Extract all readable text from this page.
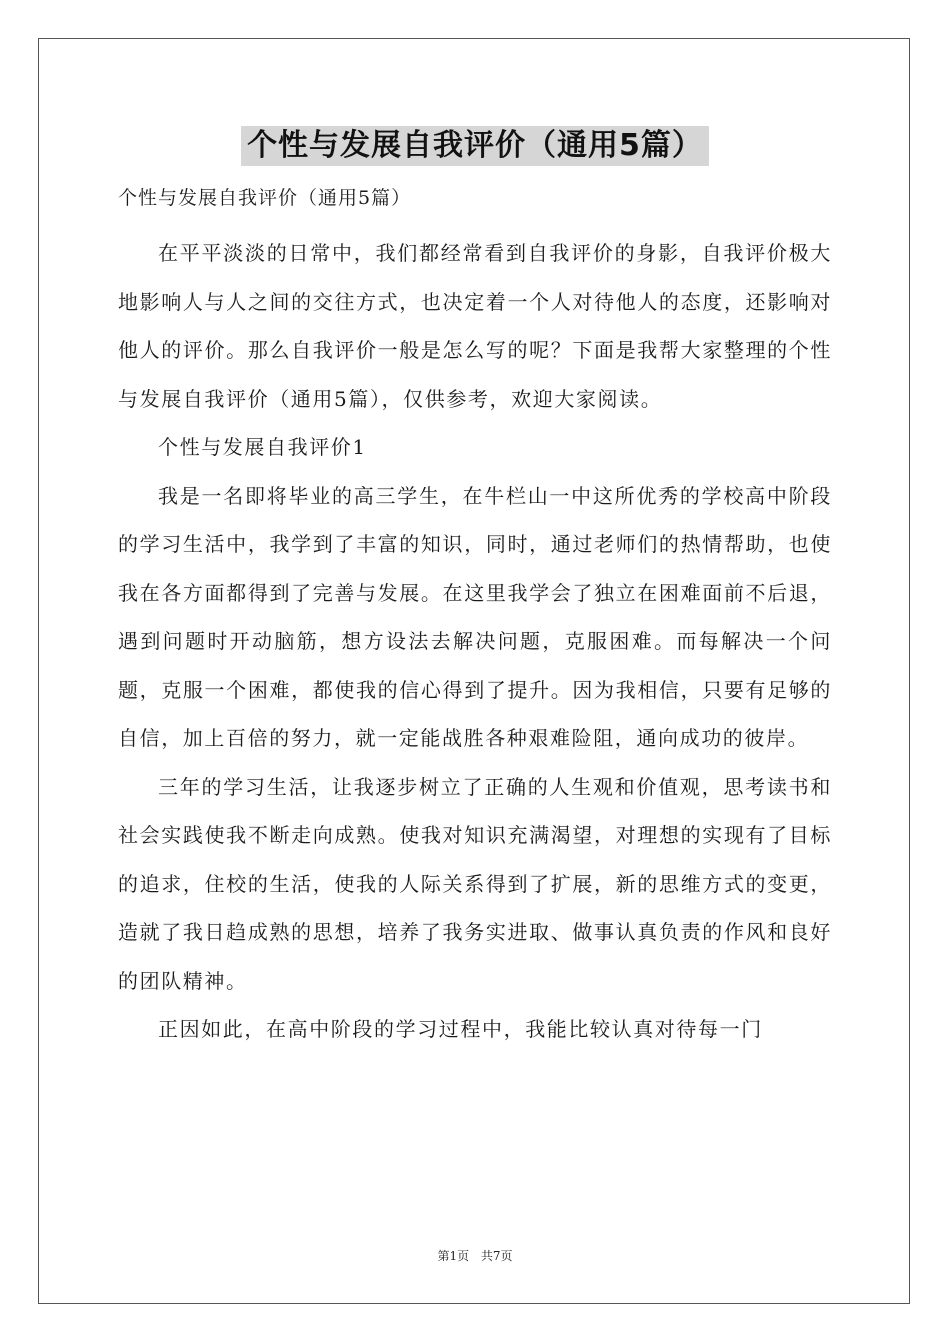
个性与发展自我评价（通用5篇）
个性与发展自我评价（通用5篇）

在平平淡淡的日常中，我们都经常看到自我评价的身影，自我评价极大地影响人与人之间的交往方式，也决定着一个人对待他人的态度，还影响对他人的评价。那么自我评价一般是怎么写的呢？下面是我帮大家整理的个性与发展自我评价（通用5篇），仅供参考，欢迎大家阅读。

个性与发展自我评价1

我是一名即将毕业的高三学生，在牛栏山一中这所优秀的学校高中阶段的学习生活中，我学到了丰富的知识，同时，通过老师们的热情帮助，也使我在各方面都得到了完善与发展。在这里我学会了独立在困难面前不后退，遇到问题时开动脑筋，想方设法去解决问题，克服困难。而每解决一个问题，克服一个困难，都使我的信心得到了提升。因为我相信，只要有足够的自信，加上百倍的努力，就一定能战胜各种艰难险阻，通向成功的彼岸。

三年的学习生活，让我逐步树立了正确的人生观和价值观，思考读书和社会实践使我不断走向成熟。使我对知识充满渴望，对理想的实现有了目标的追求，住校的生活，使我的人际关系得到了扩展，新的思维方式的变更，造就了我日趋成熟的思想，培养了我务实进取、做事认真负责的作风和良好的团队精神。

正因如此，在高中阶段的学习过程中，我能比较认真对待每一门

第1页 共7页
